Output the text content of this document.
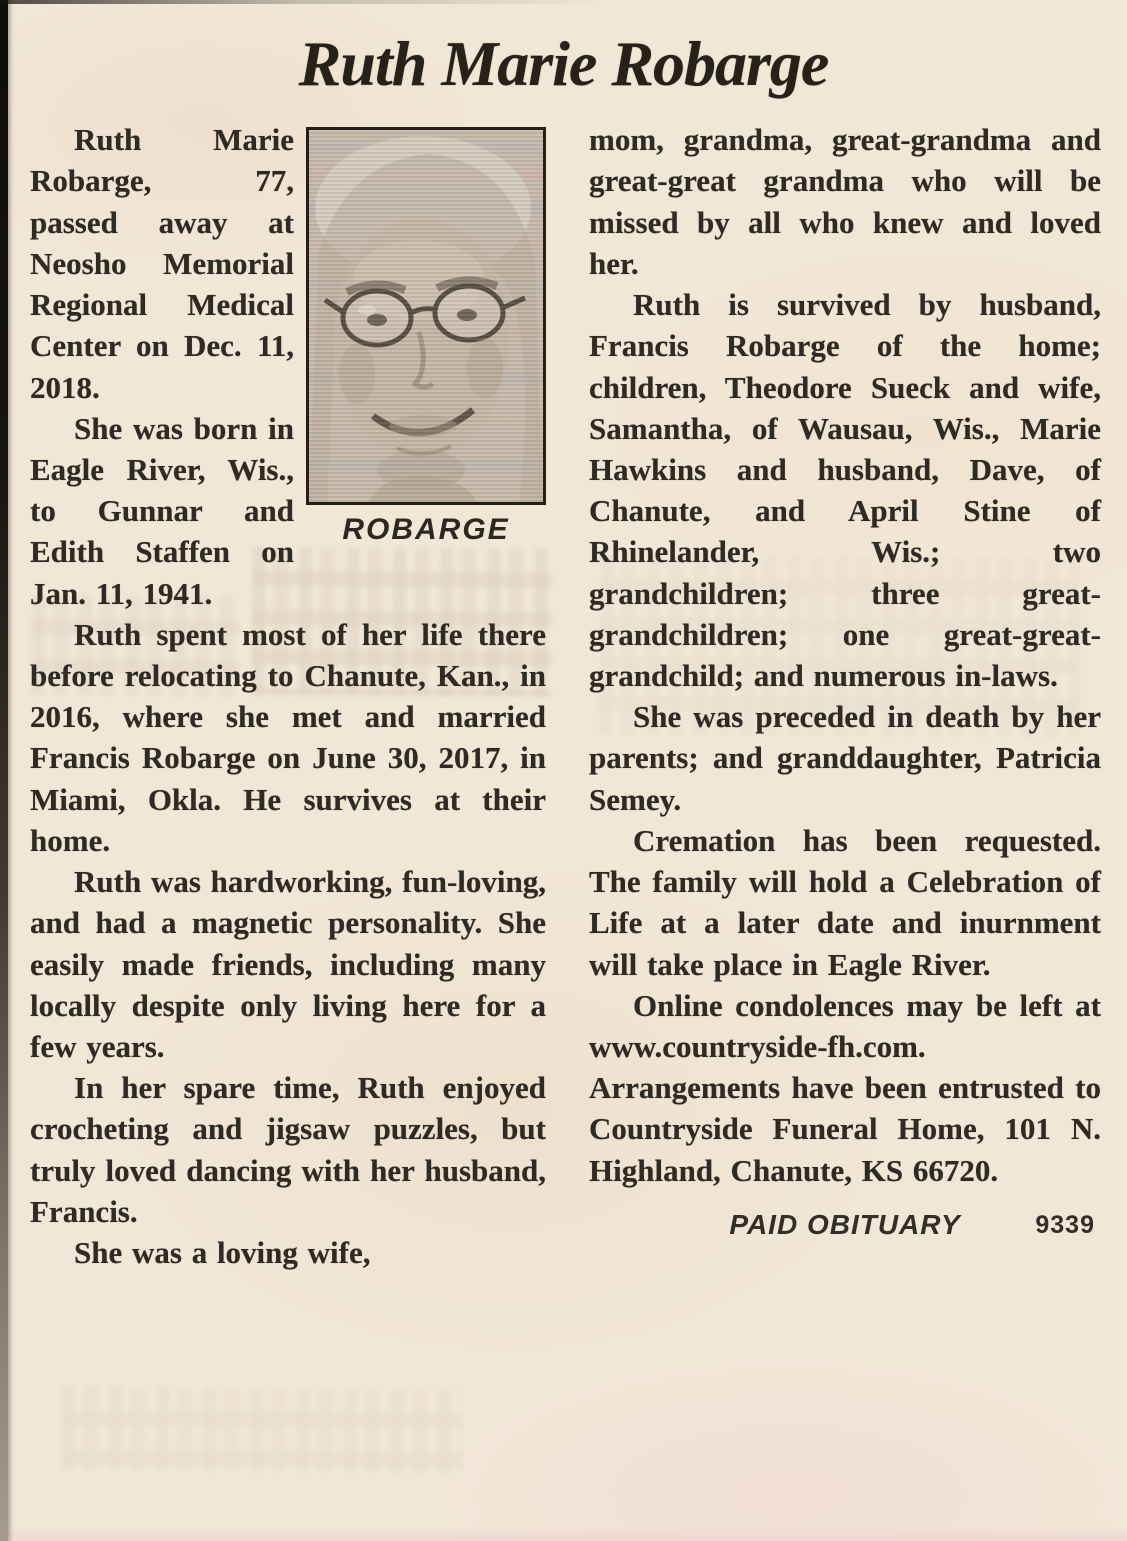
Ruth Marie Robarge
ROBARGE

Ruth Marie Robarge, 77, passed away at Neosho Memorial Regional Medical Center on Dec. 11, 2018.

She was born in Eagle River, Wis., to Gunnar and Edith Staffen on Jan. 11, 1941.

Ruth spent most of her life there before relocating to Chanute, Kan., in 2016, where she met and married Francis Robarge on June 30, 2017, in Miami, Okla. He survives at their home.

Ruth was hardworking, fun-loving, and had a magnetic personality. She easily made friends, including many locally despite only living here for a few years.

In her spare time, Ruth enjoyed crocheting and jigsaw puzzles, but truly loved dancing with her husband, Francis.

She was a loving wife,

mom, grandma, great-grandma and great-great grandma who will be missed by all who knew and loved her.

Ruth is survived by husband, Francis Robarge of the home; children, Theodore Sueck and wife, Samantha, of Wausau, Wis., Marie Hawkins and husband, Dave, of Chanute, and April Stine of Rhinelander, Wis.; two grandchildren; three great-grandchildren; one great-great-grandchild; and numerous in-laws.

She was preceded in death by her parents; and granddaughter, Patricia Semey.

Cremation has been requested. The family will hold a Celebration of Life at a later date and inurnment will take place in Eagle River.

Online condolences may be left at www.countryside-fh.com. Arrangements have been entrusted to Countryside Funeral Home, 101 N. Highland, Chanute, KS 66720.

PAID OBITUARY	9339
